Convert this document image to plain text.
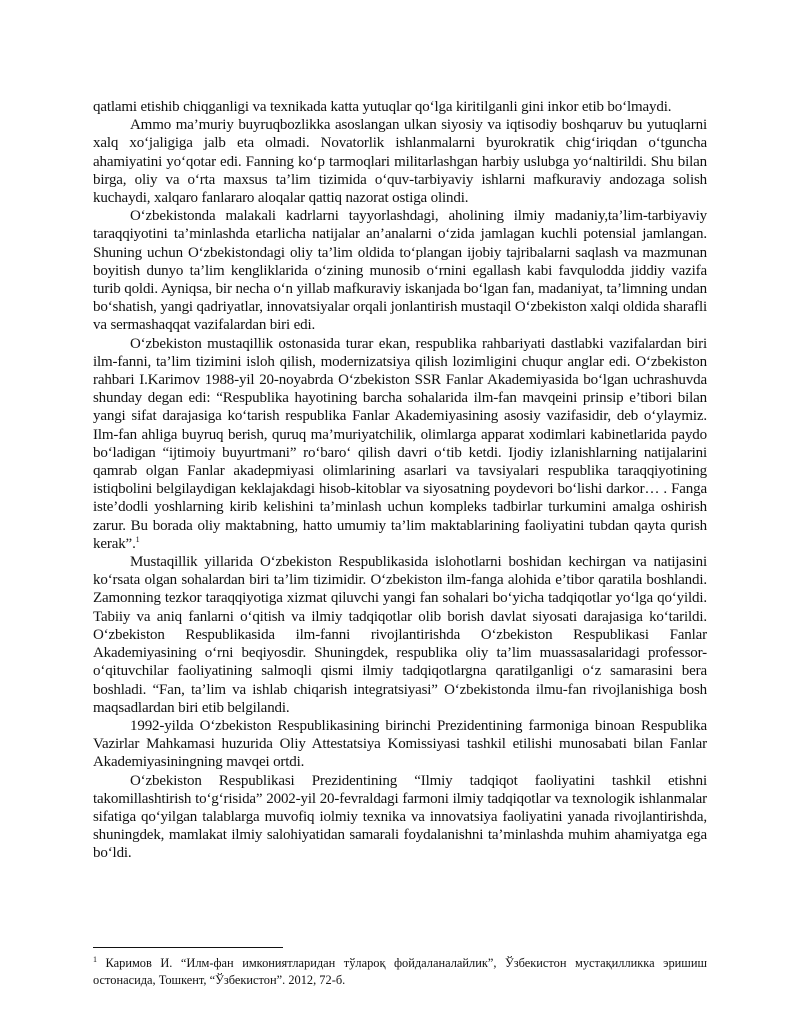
qatlami etishib chiqganligi va texnikada katta yutuqlar qo‘lga kiritilganli gini inkor etib bo‘lmaydi.

Ammo ma’muriy buyruqbozlikka asoslangan ulkan siyosiy va iqtisodiy boshqaruv bu yutuqlarni xalq xo‘jaligiga jalb eta olmadi. Novatorlik ishlanmalarni byurokratik chig‘iriqdan o‘tguncha ahamiyatini yo‘qotar edi. Fanning ko‘p tarmoqlari militarlashgan harbiy uslubga yo‘naltirildi. Shu bilan birga, oliy va o‘rta maxsus ta’lim tizimida o‘quv-tarbiyaviy ishlarni mafkuraviy andozaga solish kuchaydi, xalqaro fanlararo aloqalar qattiq nazorat ostiga olindi.

O‘zbekistonda malakali kadrlarni tayyorlashdagi, aholining ilmiy madaniy,ta’lim-tarbiyaviy taraqqiyotini ta’minlashda etarlicha natijalar an’analarni o‘zida jamlagan kuchli potensial jamlangan. Shuning uchun O‘zbekistondagi oliy ta’lim oldida to‘plangan ijobiy tajribalarni saqlash va mazmunan boyitish dunyo ta’lim kengliklarida o‘zining munosib o‘rnini egallash kabi favqulodda jiddiy vazifa turib qoldi. Ayniqsa, bir necha o‘n yillab mafkuraviy iskanjada bo‘lgan fan, madaniyat, ta’limning undan bo‘shatish, yangi qadriyatlar, innovatsiyalar orqali jonlantirish mustaqil O‘zbekiston xalqi oldida sharafli va sermashaqqat vazifalardan biri edi.

O‘zbekiston mustaqillik ostonasida turar ekan, respublika rahbariyati dastlabki vazifalardan biri ilm-fanni, ta’lim tizimini isloh qilish, modernizatsiya qilish lozimligini chuqur anglar edi. O‘zbekiston rahbari I.Karimov 1988-yil 20-noyabrda O‘zbekiston SSR Fanlar Akademiyasida bo‘lgan uchrashuvda shunday degan edi: “Respublika hayotining barcha sohalarida ilm-fan mavqeini prinsip e’tibori bilan yangi sifat darajasiga ko‘tarish respublika Fanlar Akademiyasining asosiy vazifasidir, deb o‘ylaymiz. Ilm-fan ahliga buyruq berish, quruq ma’muriyatchilik, olimlarga apparat xodimlari kabinetlarida paydo bo‘ladigan “ijtimoiy buyurtmani” ro‘baro‘ qilish davri o‘tib ketdi. Ijodiy izlanishlarning natijalarini qamrab olgan Fanlar akadepmiyasi olimlarining asarlari va tavsiyalari respublika taraqqiyotining istiqbolini belgilaydigan keklajakdagi hisob-kitoblar va siyosatning poydevori bo‘lishi darkor… . Fanga iste’dodli yoshlarning kirib kelishini ta’minlash uchun kompleks tadbirlar turkumini amalga oshirish zarur. Bu borada oliy maktabning, hatto umumiy ta’lim maktablarining faoliyatini tubdan qayta qurish kerak”.$^1$

Mustaqillik yillarida O‘zbekiston Respublikasida islohotlarni boshidan kechirgan va natijasini ko‘rsata olgan sohalardan biri ta’lim tizimidir. O‘zbekiston ilm-fanga alohida e’tibor qaratila boshlandi. Zamonning tezkor taraqqiyotiga xizmat qiluvchi yangi fan sohalari bo‘yicha tadqiqotlar yo‘lga qo‘yildi. Tabiiy va aniq fanlarni o‘qitish va ilmiy tadqiqotlar olib borish davlat siyosati darajasiga ko‘tarildi. O‘zbekiston Respublikasida ilm-fanni rivojlantirishda O‘zbekiston Respublikasi Fanlar Akademiyasining o‘rni beqiyosdir. Shuningdek, respublika oliy ta’lim muassasalaridagi professor-o‘qituvchilar faoliyatining salmoqli qismi ilmiy tadqiqotlargna qaratilganligi o‘z samarasini bera boshladi. “Fan, ta’lim va ishlab chiqarish integratsiyasi” O‘zbekistonda ilmu-fan rivojlanishiga bosh maqsadlardan biri etib belgilandi.

1992-yilda O‘zbekiston Respublikasining birinchi Prezidentining farmoniga binoan Respublika Vazirlar Mahkamasi huzurida Oliy Attestatsiya Komissiyasi tashkil etilishi munosabati bilan Fanlar Akademiyasiningning mavqei ortdi.

O‘zbekiston Respublikasi Prezidentining “Ilmiy tadqiqot faoliyatini tashkil etishni takomillashtirish to‘g‘risida” 2002-yil 20-fevraldagi farmoni ilmiy tadqiqotlar va texnologik ishlanmalar sifatiga qo‘yilgan talablarga muvofiq iolmiy texnika va innovatsiya faoliyatini yanada rivojlantirishda, shuningdek, mamlakat ilmiy salohiyatidan samarali foydalanishni ta’minlashda muhim ahamiyatga ega bo‘ldi.

$^1$ Каримов И. “Илм-фан имкониятларидан тўлароқ фойдаланалайлик”, Ўзбекистон мустақилликка эришиш остонасида, Тошкент, “Ўзбекистон”. 2012, 72-б.
